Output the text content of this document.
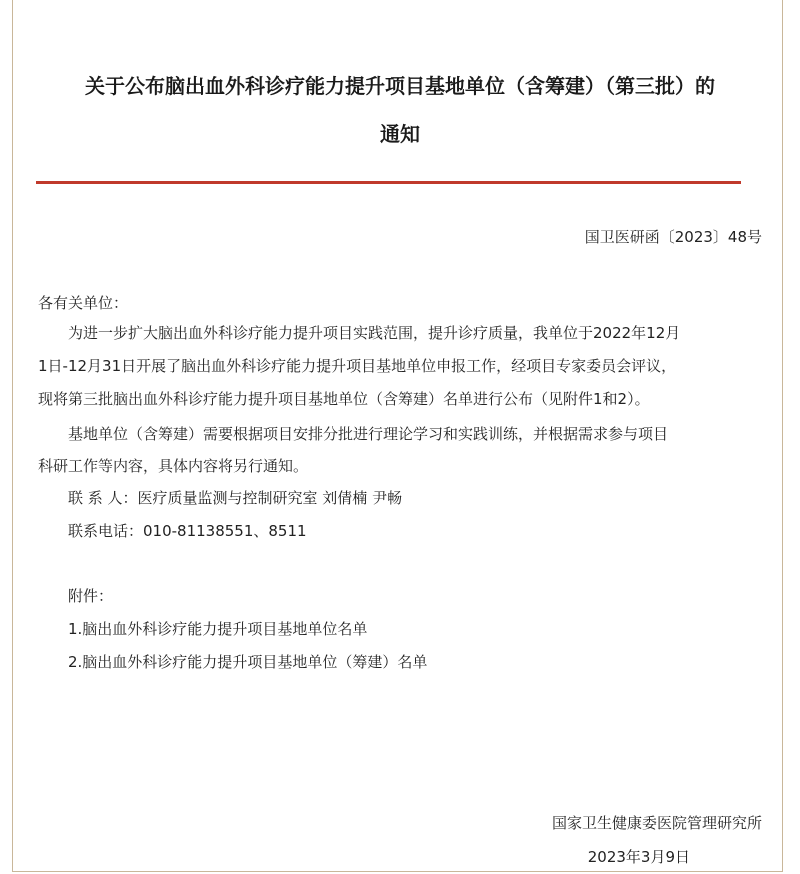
关于公布脑出血外科诊疗能力提升项目基地单位（含筹建）（第三批）的
通知
国卫医研函〔2023〕48号
各有关单位：
为进一步扩大脑出血外科诊疗能力提升项目实践范围，提升诊疗质量，我单位于2022年12月
1日-12月31日开展了脑出血外科诊疗能力提升项目基地单位申报工作，经项目专家委员会评议，
现将第三批脑出血外科诊疗能力提升项目基地单位（含筹建）名单进行公布（见附件1和2）。
基地单位（含筹建）需要根据项目安排分批进行理论学习和实践训练，并根据需求参与项目
科研工作等内容，具体内容将另行通知。
联 系 人：医疗质量监测与控制研究室 刘倩楠 尹畅
联系电话：010-81138551、8511
附件：
1.脑出血外科诊疗能力提升项目基地单位名单
2.脑出血外科诊疗能力提升项目基地单位（筹建）名单
国家卫生健康委医院管理研究所
2023年3月9日
